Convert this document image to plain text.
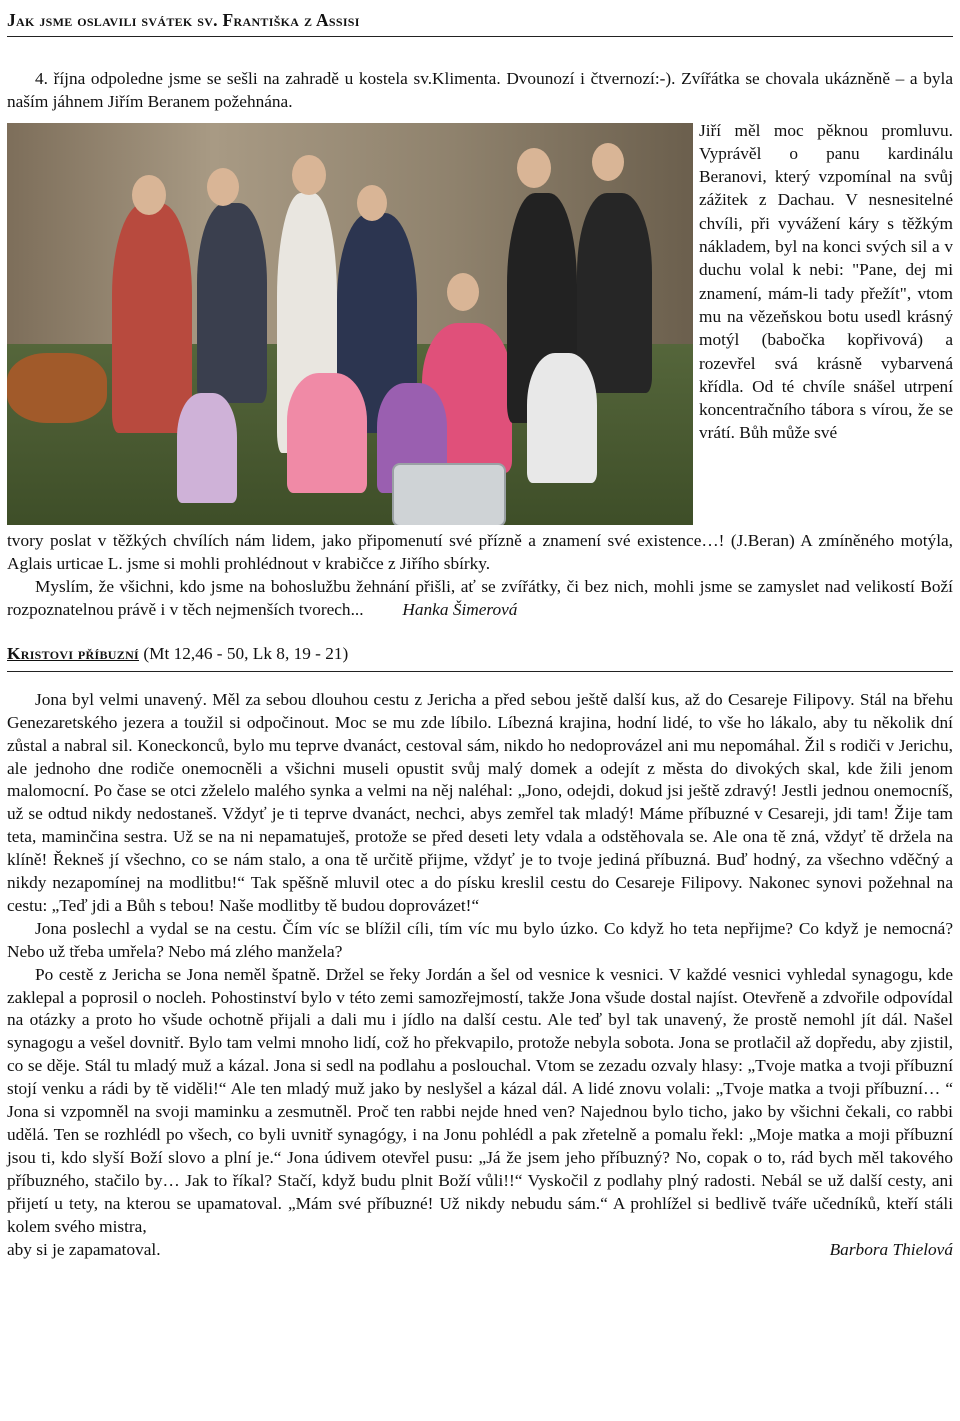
Jak jsme oslavili svátek sv. Františka z Assisi

4. října odpoledne jsme se sešli na zahradě u kostela sv.Klimenta. Dvounozí i čtvernozí:-). Zvířátka se chovala ukázněně – a byla naším jáhnem Jiřím Beranem požehnána.

Jiří měl moc pěknou promluvu. Vyprávěl o panu kardinálu Beranovi, který vzpomínal na svůj zážitek z Dachau. V nesnesitelné chvíli, při vyvážení káry s těžkým nákladem, byl na konci svých sil a v duchu volal k nebi: "Pane, dej mi znamení, mám-li tady přežít", vtom mu na vězeňskou botu usedl krásný motýl (babočka kopřivová) a rozevřel svá krásně vybarvená křídla. Od té chvíle snášel utrpení koncentračního tábora s vírou, že se vrátí. Bůh může své

tvory poslat v těžkých chvílích nám lidem, jako připomenutí své přízně a znamení své existence…! (J.Beran) A zmíněného motýla, Aglais urticae L. jsme si mohli prohlédnout v krabičce z Jiřího sbírky.

Myslím, že všichni, kdo jsme na bohoslužbu žehnání přišli, ať se zvířátky, či bez nich, mohli jsme se zamyslet nad velikostí Boží rozpoznatelnou právě i v těch nejmenších tvorech... Hanka Šimerová

Kristovi příbuzní (Mt 12,46 - 50, Lk 8, 19 - 21)

Jona byl velmi unavený. Měl za sebou dlouhou cestu z Jericha a před sebou ještě další kus, až do Cesareje Filipovy. Stál na břehu Genezaretského jezera a toužil si odpočinout. Moc se mu zde líbilo. Líbezná krajina, hodní lidé, to vše ho lákalo, aby tu několik dní zůstal a nabral sil. Koneckonců, bylo mu teprve dvanáct, cestoval sám, nikdo ho nedoprovázel ani mu nepomáhal. Žil s rodiči v Jerichu, ale jednoho dne rodiče onemocněli a všichni museli opustit svůj malý domek a odejít z města do divokých skal, kde žili jenom malomocní. Po čase se otci zželelo malého synka a velmi na něj naléhal: „Jono, odejdi, dokud jsi ještě zdravý! Jestli jednou onemocníš, už se odtud nikdy nedostaneš. Vždyť je ti teprve dvanáct, nechci, abys zemřel tak mladý! Máme příbuzné v Cesareji, jdi tam! Žije tam teta, maminčina sestra. Už se na ni nepamatuješ, protože se před deseti lety vdala a odstěhovala se. Ale ona tě zná, vždyť tě držela na klíně! Řekneš jí všechno, co se nám stalo, a ona tě určitě přijme, vždyť je to tvoje jediná příbuzná. Buď hodný, za všechno vděčný a nikdy nezapomínej na modlitbu!“ Tak spěšně mluvil otec a do písku kreslil cestu do Cesareje Filipovy. Nakonec synovi požehnal na cestu: „Teď jdi a Bůh s tebou! Naše modlitby tě budou doprovázet!“

Jona poslechl a vydal se na cestu. Čím víc se blížil cíli, tím víc mu bylo úzko. Co když ho teta nepřijme? Co když je nemocná? Nebo už třeba umřela? Nebo má zlého manžela?

Po cestě z Jericha se Jona neměl špatně. Držel se řeky Jordán a šel od vesnice k vesnici. V každé vesnici vyhledal synagogu, kde zaklepal a poprosil o nocleh. Pohostinství bylo v této zemi samozřejmostí, takže Jona všude dostal najíst. Otevřeně a zdvořile odpovídal na otázky a proto ho všude ochotně přijali a dali mu i jídlo na další cestu. Ale teď byl tak unavený, že prostě nemohl jít dál. Našel synagogu a vešel dovnitř. Bylo tam velmi mnoho lidí, což ho překvapilo, protože nebyla sobota. Jona se protlačil až dopředu, aby zjistil, co se děje. Stál tu mladý muž a kázal. Jona si sedl na podlahu a poslouchal. Vtom se zezadu ozvaly hlasy: „Tvoje matka a tvoji příbuzní stojí venku a rádi by tě viděli!“ Ale ten mladý muž jako by neslyšel a kázal dál. A lidé znovu volali: „Tvoje matka a tvoji příbuzní… “ Jona si vzpomněl na svoji maminku a zesmutněl. Proč ten rabbi nejde hned ven? Najednou bylo ticho, jako by všichni čekali, co rabbi udělá. Ten se rozhlédl po všech, co byli uvnitř synagógy, i na Jonu pohlédl a pak zřetelně a pomalu řekl: „Moje matka a moji příbuzní jsou ti, kdo slyší Boží slovo a plní je.“ Jona údivem otevřel pusu: „Já že jsem jeho příbuzný? No, copak o to, rád bych měl takového příbuzného, stačilo by… Jak to říkal? Stačí, když budu plnit Boží vůli!!“ Vyskočil z podlahy plný radosti. Nebál se už další cesty, ani přijetí u tety, na kterou se upamatoval. „Mám své příbuzné! Už nikdy nebudu sám.“ A prohlížel si bedlivě tváře učedníků, kteří stáli kolem svého mistra,

aby si je zapamatoval.	Barbora Thielová
